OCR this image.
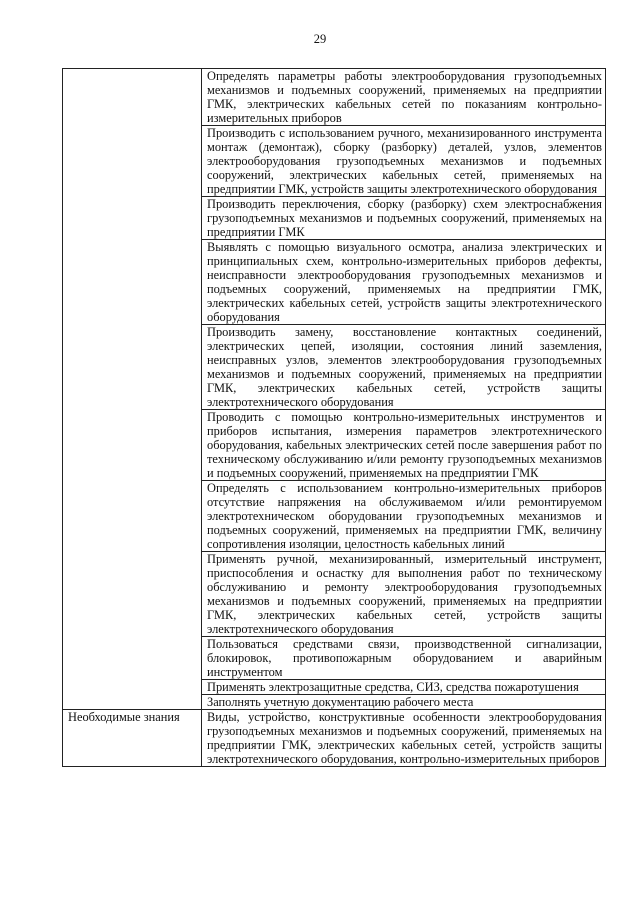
29
	Определять параметры работы электрооборудования грузоподъемных механизмов и подъемных сооружений, применяемых на предприятии ГМК, электрических кабельных сетей по показаниям контрольно-измерительных приборов
	Производить с использованием ручного, механизированного инструмента монтаж (демонтаж), сборку (разборку) деталей, узлов, элементов электрооборудования грузоподъемных механизмов и подъемных сооружений, электрических кабельных сетей, применяемых на предприятии ГМК, устройств защиты электротехнического оборудования
	Производить переключения, сборку (разборку) схем электроснабжения грузоподъемных механизмов и подъемных сооружений, применяемых на предприятии ГМК
	Выявлять с помощью визуального осмотра, анализа электрических и принципиальных схем, контрольно-измерительных приборов дефекты, неисправности электрооборудования грузоподъемных механизмов и подъемных сооружений, применяемых на предприятии ГМК, электрических кабельных сетей, устройств защиты электротехнического оборудования
	Производить замену, восстановление контактных соединений, электрических цепей, изоляции, состояния линий заземления, неисправных узлов, элементов электрооборудования грузоподъемных механизмов и подъемных сооружений, применяемых на предприятии ГМК, электрических кабельных сетей, устройств защиты электротехнического оборудования
	Проводить с помощью контрольно-измерительных инструментов и приборов испытания, измерения параметров электротехнического оборудования, кабельных электрических сетей после завершения работ по техническому обслуживанию и/или ремонту грузоподъемных механизмов и подъемных сооружений, применяемых на предприятии ГМК
	Определять с использованием контрольно-измерительных приборов отсутствие напряжения на обслуживаемом и/или ремонтируемом электротехническом оборудовании грузоподъемных механизмов и подъемных сооружений, применяемых на предприятии ГМК, величину сопротивления изоляции, целостность кабельных линий
	Применять ручной, механизированный, измерительный инструмент, приспособления и оснастку для выполнения работ по техническому обслуживанию и ремонту электрооборудования грузоподъемных механизмов и подъемных сооружений, применяемых на предприятии ГМК, электрических кабельных сетей, устройств защиты электротехнического оборудования
	Пользоваться средствами связи, производственной сигнализации, блокировок, противопожарным оборудованием и аварийным инструментом
	Применять электрозащитные средства, СИЗ, средства пожаротушения
	Заполнять учетную документацию рабочего места
Необходимые знания	Виды, устройство, конструктивные особенности электрооборудования грузоподъемных механизмов и подъемных сооружений, применяемых на предприятии ГМК, электрических кабельных сетей, устройств защиты электротехнического оборудования, контрольно-измерительных приборов
